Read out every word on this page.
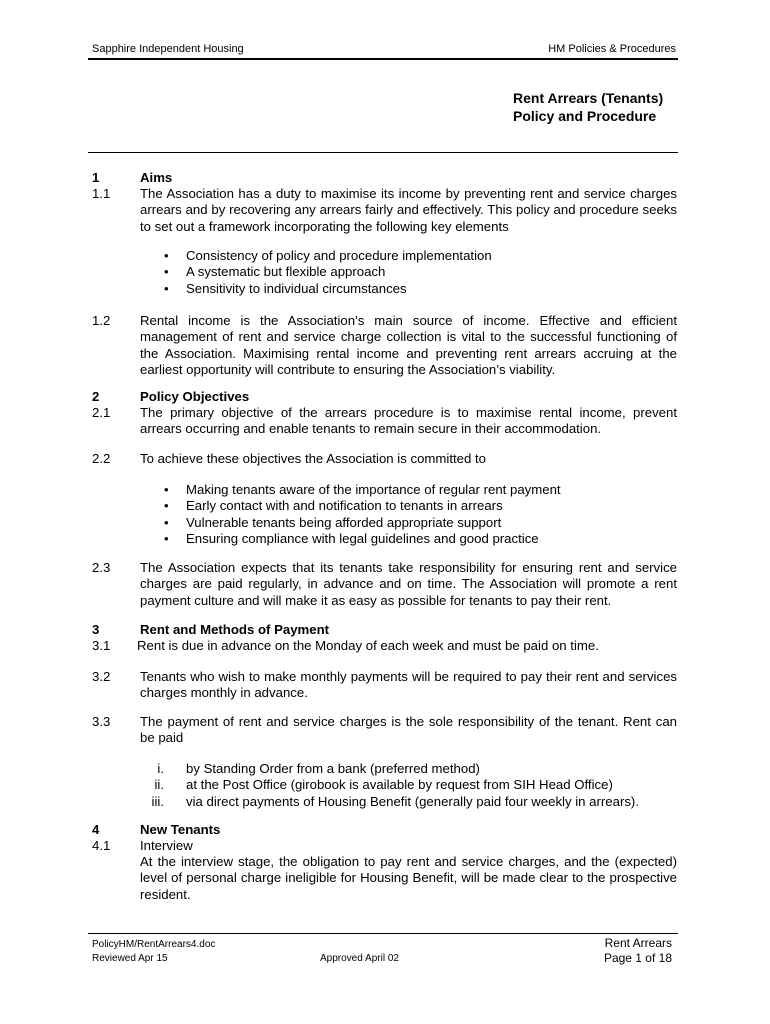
Sapphire Independent Housing	HM Policies & Procedures
Rent Arrears (Tenants)
Policy and Procedure
1	Aims
1.1 The Association has a duty to maximise its income by preventing rent and service charges arrears and by recovering any arrears fairly and effectively. This policy and procedure seeks to set out a framework incorporating the following key elements
• Consistency of policy and procedure implementation
• A systematic but flexible approach
• Sensitivity to individual circumstances
1.2 Rental income is the Association’s main source of income. Effective and efficient management of rent and service charge collection is vital to the successful functioning of the Association. Maximising rental income and preventing rent arrears accruing at the earliest opportunity will contribute to ensuring the Association’s viability.
2	Policy Objectives
2.1 The primary objective of the arrears procedure is to maximise rental income, prevent arrears occurring and enable tenants to remain secure in their accommodation.
2.2 To achieve these objectives the Association is committed to
• Making tenants aware of the importance of regular rent payment
• Early contact with and notification to tenants in arrears
• Vulnerable tenants being afforded appropriate support
• Ensuring compliance with legal guidelines and good practice
2.3 The Association expects that its tenants take responsibility for ensuring rent and service charges are paid regularly, in advance and on time. The Association will promote a rent payment culture and will make it as easy as possible for tenants to pay their rent.
3	Rent and Methods of Payment
3.1 Rent is due in advance on the Monday of each week and must be paid on time.
3.2 Tenants who wish to make monthly payments will be required to pay their rent and services charges monthly in advance.
3.3 The payment of rent and service charges is the sole responsibility of the tenant. Rent can be paid
i. by Standing Order from a bank (preferred method)
ii. at the Post Office (girobook is available by request from SIH Head Office)
iii. via direct payments of Housing Benefit (generally paid four weekly in arrears).
4	New Tenants
4.1 Interview
At the interview stage, the obligation to pay rent and service charges, and the (expected) level of personal charge ineligible for Housing Benefit, will be made clear to the prospective resident.
PolicyHM/RentArrears4.doc
Reviewed Apr 15	Approved April 02
Rent Arrears
Page 1 of 18
